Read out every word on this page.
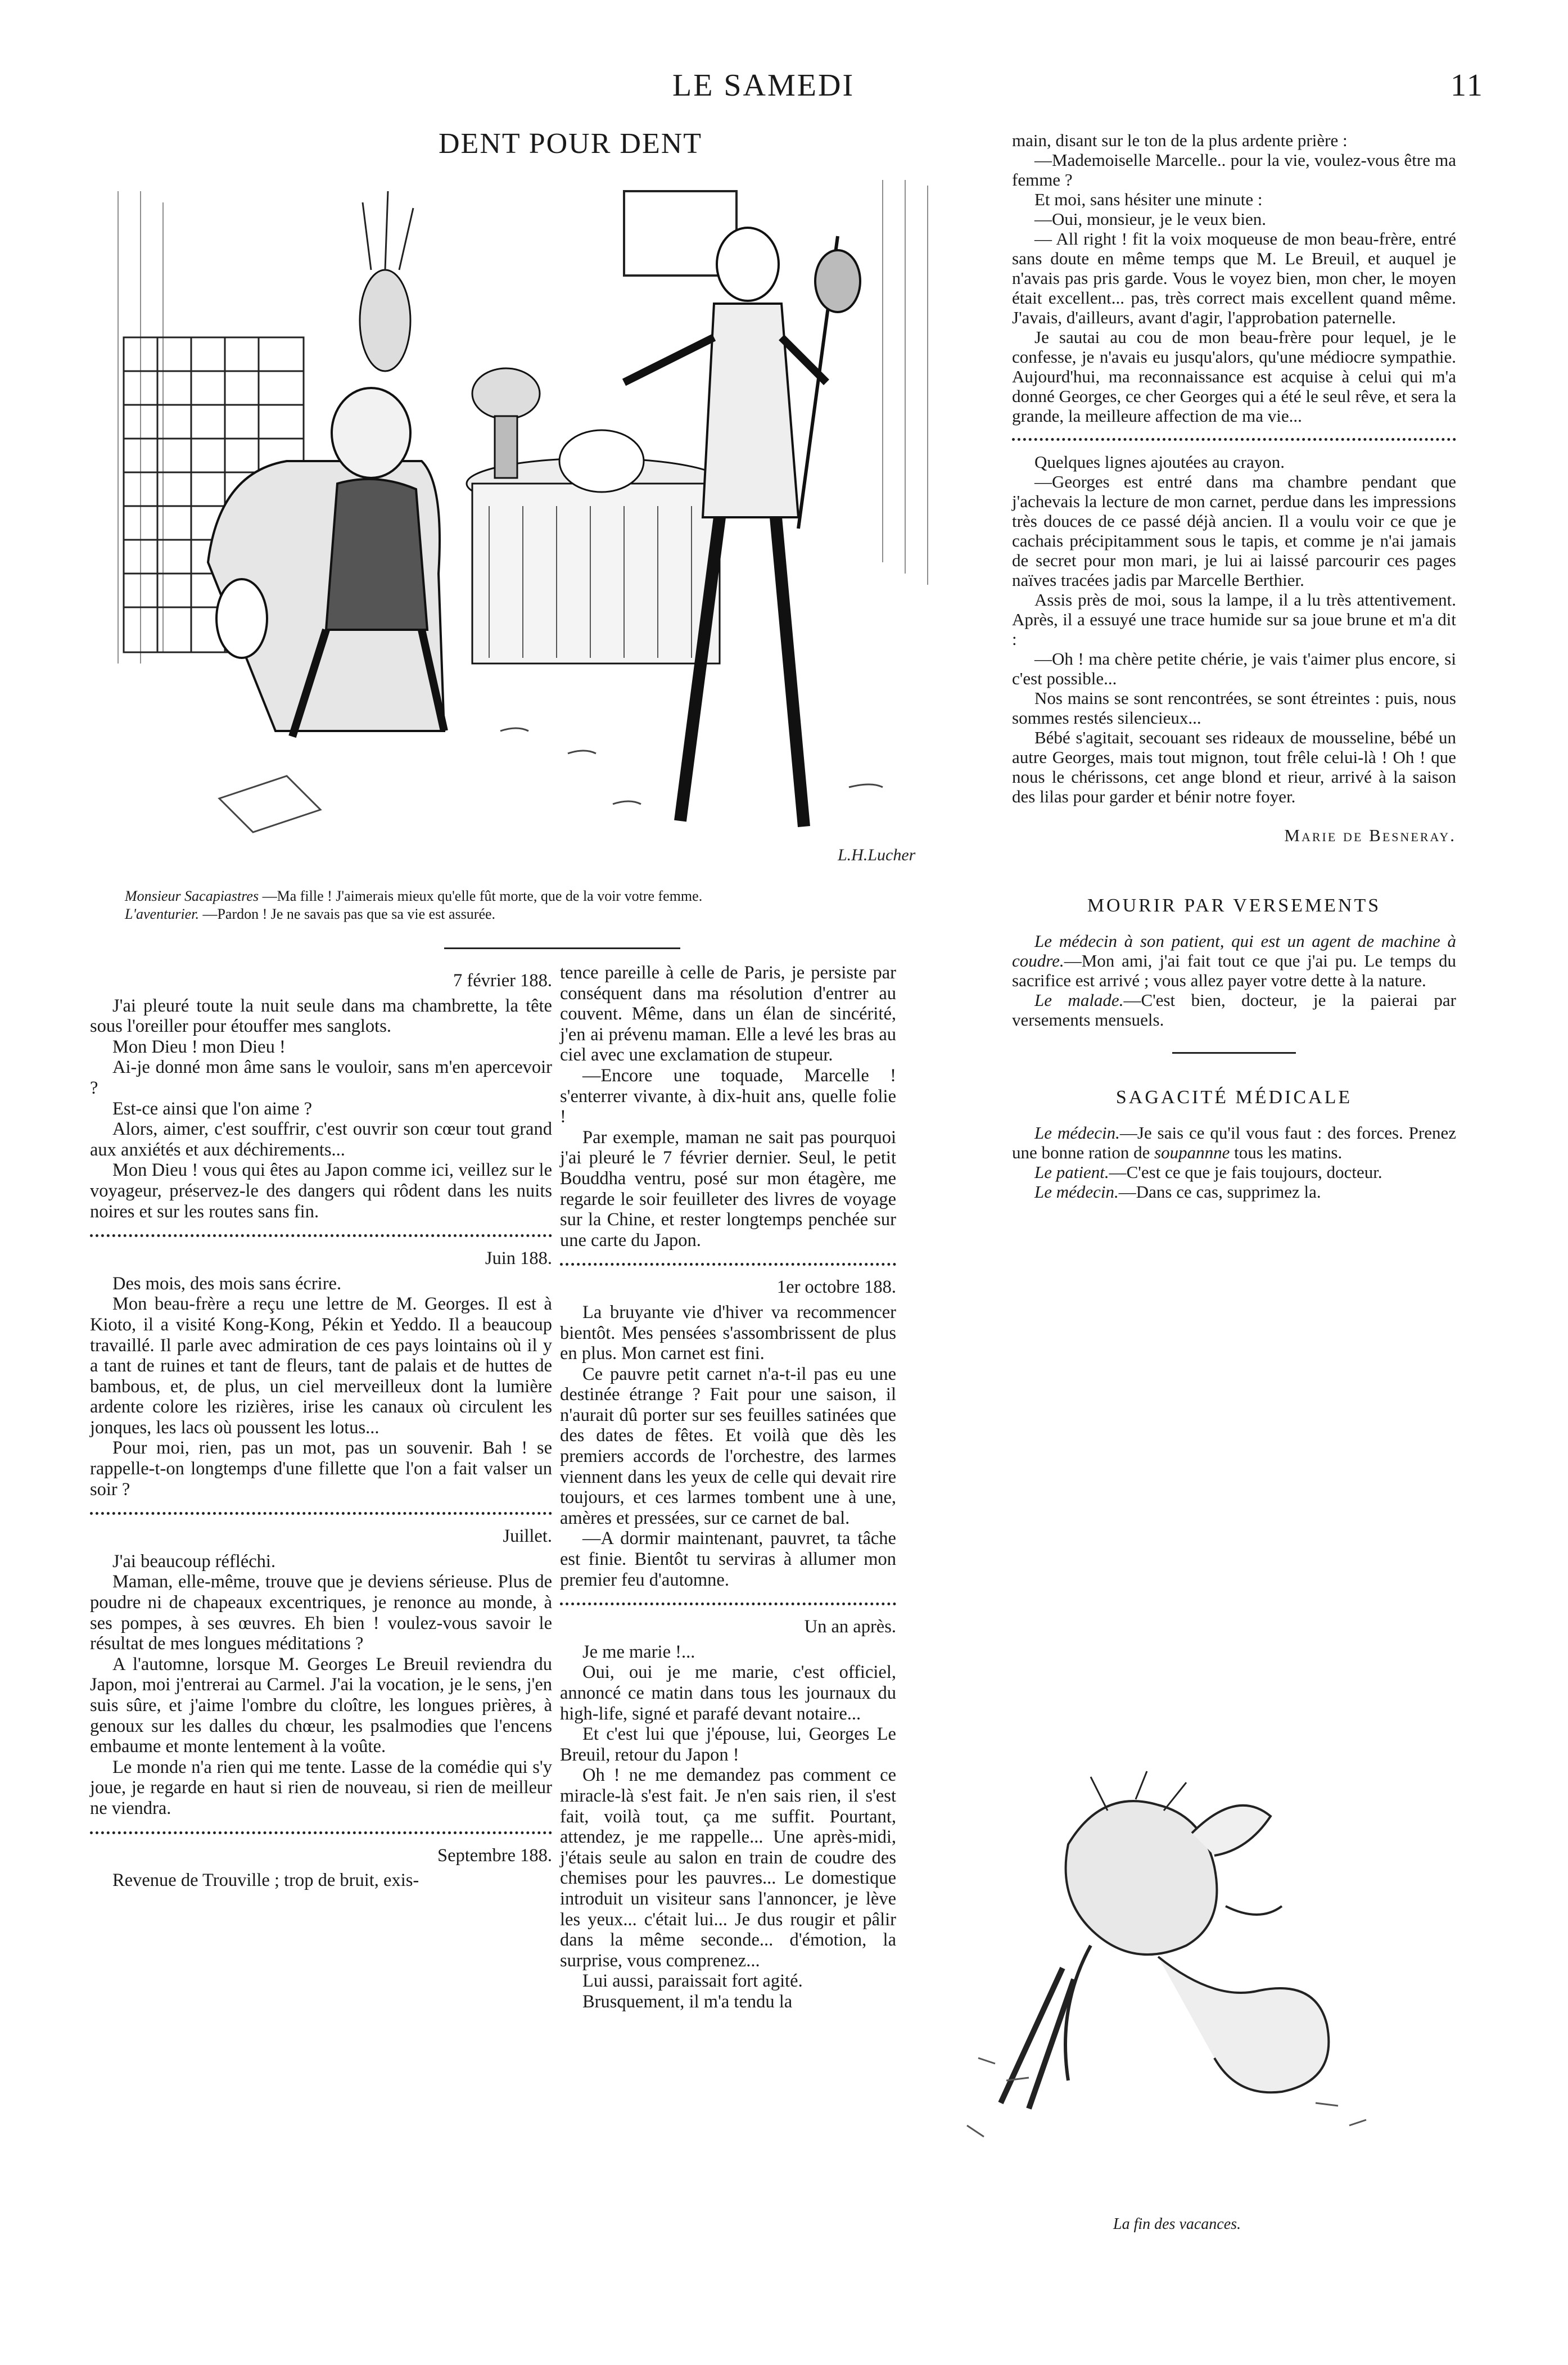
LE SAMEDI	11
DENT POUR DENT
L.H.Lucher
Monsieur Sacapiastres —Ma fille ! J'aimerais mieux qu'elle fût morte, que de la voir votre femme.
L'aventurier. —Pardon ! Je ne savais pas que sa vie est assurée.

7 février 188.

J'ai pleuré toute la nuit seule dans ma chambrette, la tête sous l'oreiller pour étouffer mes sanglots.

Mon Dieu ! mon Dieu !

Ai-je donné mon âme sans le vouloir, sans m'en apercevoir ?

Est-ce ainsi que l'on aime ?

Alors, aimer, c'est souffrir, c'est ouvrir son cœur tout grand aux anxiétés et aux déchirements...

Mon Dieu ! vous qui êtes au Japon comme ici, veillez sur le voyageur, préservez-le des dangers qui rôdent dans les nuits noires et sur les routes sans fin.

Juin 188.

Des mois, des mois sans écrire.

Mon beau-frère a reçu une lettre de M. Georges. Il est à Kioto, il a visité Kong-Kong, Pékin et Yeddo. Il a beaucoup travaillé. Il parle avec admiration de ces pays lointains où il y a tant de ruines et tant de fleurs, tant de palais et de huttes de bambous, et, de plus, un ciel merveilleux dont la lumière ardente colore les rizières, irise les canaux où circulent les jonques, les lacs où poussent les lotus...

Pour moi, rien, pas un mot, pas un souvenir. Bah ! se rappelle-t-on longtemps d'une fillette que l'on a fait valser un soir ?

Juillet.

J'ai beaucoup réfléchi.

Maman, elle-même, trouve que je deviens sérieuse. Plus de poudre ni de chapeaux excentriques, je renonce au monde, à ses pompes, à ses œuvres. Eh bien ! voulez-vous savoir le résultat de mes longues méditations ?

A l'automne, lorsque M. Georges Le Breuil reviendra du Japon, moi j'entrerai au Carmel. J'ai la vocation, je le sens, j'en suis sûre, et j'aime l'ombre du cloître, les longues prières, à genoux sur les dalles du chœur, les psalmodies que l'encens embaume et monte lentement à la voûte.

Le monde n'a rien qui me tente. Lasse de la comédie qui s'y joue, je regarde en haut si rien de nouveau, si rien de meilleur ne viendra.

Septembre 188.

Revenue de Trouville ; trop de bruit, exis-

tence pareille à celle de Paris, je persiste par conséquent dans ma résolution d'entrer au couvent. Même, dans un élan de sincérité, j'en ai prévenu maman. Elle a levé les bras au ciel avec une exclamation de stupeur.

—Encore une toquade, Marcelle ! s'enterrer vivante, à dix-huit ans, quelle folie !

Par exemple, maman ne sait pas pourquoi j'ai pleuré le 7 février dernier. Seul, le petit Bouddha ventru, posé sur mon étagère, me regarde le soir feuilleter des livres de voyage sur la Chine, et rester longtemps penchée sur une carte du Japon.

1er octobre 188.

La bruyante vie d'hiver va recommencer bientôt. Mes pensées s'assombrissent de plus en plus. Mon carnet est fini.

Ce pauvre petit carnet n'a-t-il pas eu une destinée étrange ? Fait pour une saison, il n'aurait dû porter sur ses feuilles satinées que des dates de fêtes. Et voilà que dès les premiers accords de l'orchestre, des larmes viennent dans les yeux de celle qui devait rire toujours, et ces larmes tombent une à une, amères et pressées, sur ce carnet de bal.

—A dormir maintenant, pauvret, ta tâche est finie. Bientôt tu serviras à allumer mon premier feu d'automne.

Un an après.

Je me marie !...

Oui, oui je me marie, c'est officiel, annoncé ce matin dans tous les journaux du high-life, signé et parafé devant notaire...

Et c'est lui que j'épouse, lui, Georges Le Breuil, retour du Japon !

Oh ! ne me demandez pas comment ce miracle-là s'est fait. Je n'en sais rien, il s'est fait, voilà tout, ça me suffit. Pourtant, attendez, je me rappelle... Une après-midi, j'étais seule au salon en train de coudre des chemises pour les pauvres... Le domestique introduit un visiteur sans l'annoncer, je lève les yeux... c'était lui... Je dus rougir et pâlir dans la même seconde... d'émotion, la surprise, vous comprenez...

Lui aussi, paraissait fort agité.

Brusquement, il m'a tendu la

main, disant sur le ton de la plus ardente prière :

—Mademoiselle Marcelle.. pour la vie, voulez-vous être ma femme ?

Et moi, sans hésiter une minute :

—Oui, monsieur, je le veux bien.

— All right ! fit la voix moqueuse de mon beau-frère, entré sans doute en même temps que M. Le Breuil, et auquel je n'avais pas pris garde. Vous le voyez bien, mon cher, le moyen était excellent... pas, très correct mais excellent quand même. J'avais, d'ailleurs, avant d'agir, l'approbation paternelle.

Je sautai au cou de mon beau-frère pour lequel, je le confesse, je n'avais eu jusqu'alors, qu'une médiocre sympathie. Aujourd'hui, ma reconnaissance est acquise à celui qui m'a donné Georges, ce cher Georges qui a été le seul rêve, et sera la grande, la meilleure affection de ma vie...

Quelques lignes ajoutées au crayon.

—Georges est entré dans ma chambre pendant que j'achevais la lecture de mon carnet, perdue dans les impressions très douces de ce passé déjà ancien. Il a voulu voir ce que je cachais précipitamment sous le tapis, et comme je n'ai jamais de secret pour mon mari, je lui ai laissé parcourir ces pages naïves tracées jadis par Marcelle Berthier.

Assis près de moi, sous la lampe, il a lu très attentivement. Après, il a essuyé une trace humide sur sa joue brune et m'a dit :

—Oh ! ma chère petite chérie, je vais t'aimer plus encore, si c'est possible...

Nos mains se sont rencontrées, se sont étreintes : puis, nous sommes restés silencieux...

Bébé s'agitait, secouant ses rideaux de mousseline, bébé un autre Georges, mais tout mignon, tout frêle celui-là ! Oh ! que nous le chérissons, cet ange blond et rieur, arrivé à la saison des lilas pour garder et bénir notre foyer.

Marie de Besneray.

MOURIR PAR VERSEMENTS

Le médecin à son patient, qui est un agent de machine à coudre.—Mon ami, j'ai fait tout ce que j'ai pu. Le temps du sacrifice est arrivé ; vous allez payer votre dette à la nature.

Le malade.—C'est bien, docteur, je la paierai par versements mensuels.

SAGACITÉ MÉDICALE

Le médecin.—Je sais ce qu'il vous faut : des forces. Prenez une bonne ration de soupannne tous les matins.

Le patient.—C'est ce que je fais toujours, docteur.

Le médecin.—Dans ce cas, supprimez la.

La fin des vacances.
